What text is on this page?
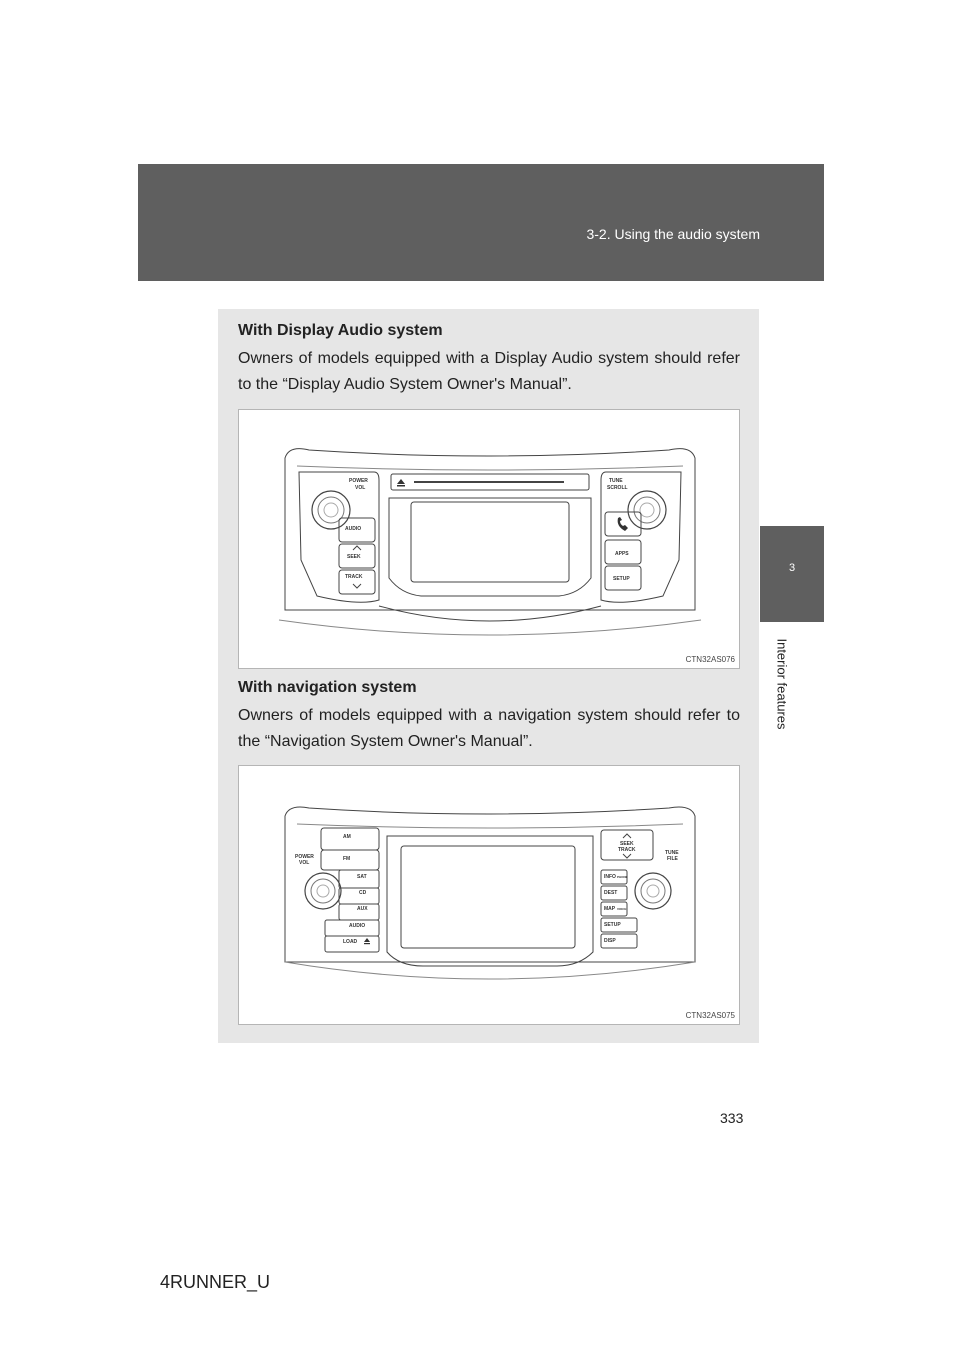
3-2. Using the audio system
3
Interior features
With Display Audio system
Owners of models equipped with a Display Audio system should refer to the “Display Audio System Owner's Manual”.
POWER
VOL
TUNE
SCROLL
AUDIO
SEEK
TRACK
APPS
SETUP
CTN32AS076
With navigation system
Owners of models equipped with a navigation system should refer to the “Navigation System Owner's Manual”.
AM
FM
SAT
CD
AUX
AUDIO
LOAD
POWER
VOL
SEEK
TRACK	TUNE
FILE
INFO PHONE
DEST
MAP VOICE
SETUP
DISP
CTN32AS075
333
4RUNNER_U
